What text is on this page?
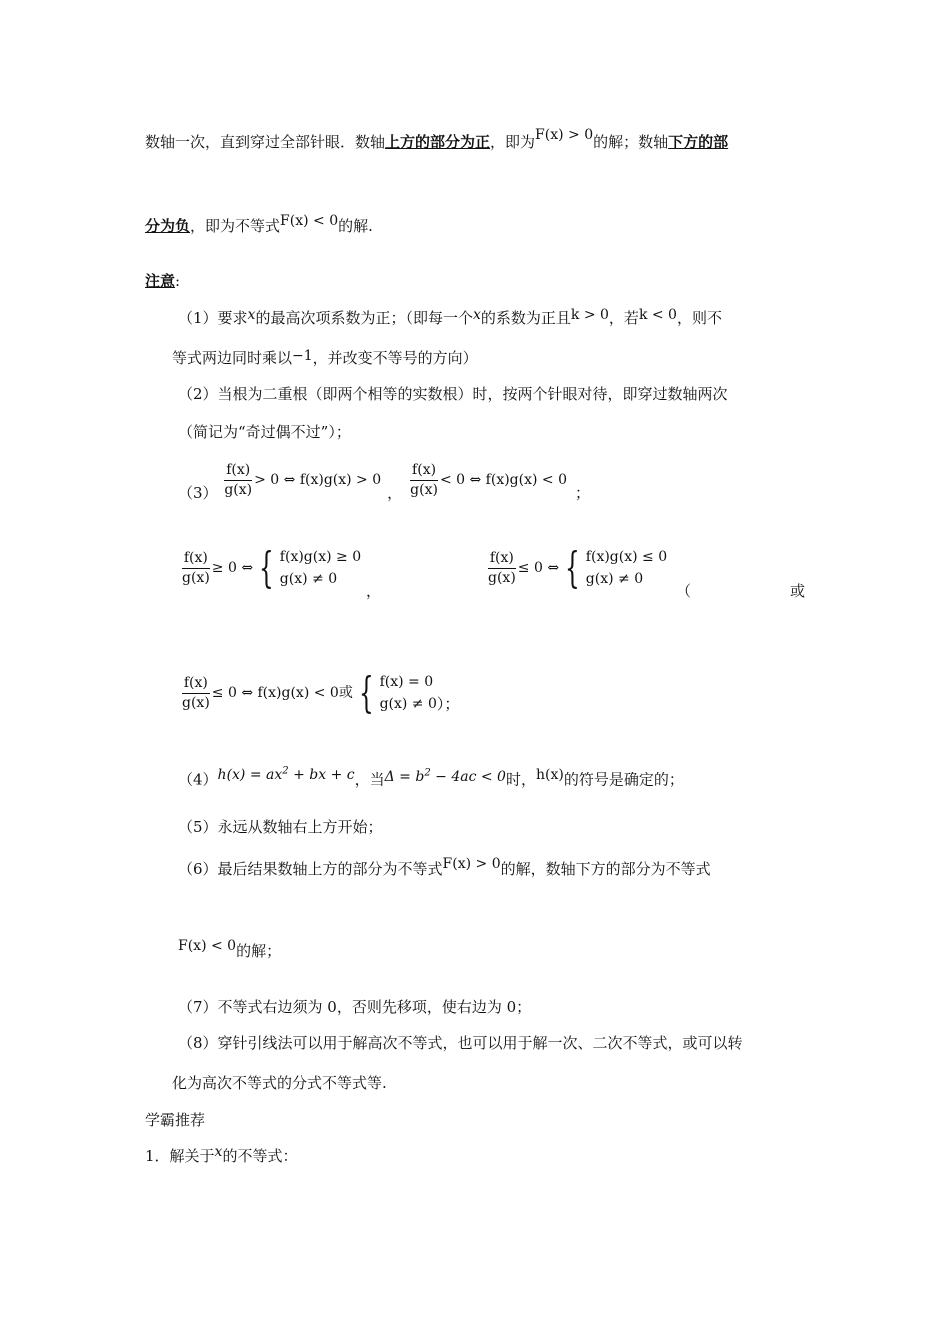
数轴一次，直到穿过全部针眼．数轴上方的部分为正，即为F(x) > 0的解；数轴下方的部
分为负，即为不等式F(x) < 0的解.
注意:
（1）要求x的最高次项系数为正；（即每一个x的系数为正且k > 0，若k < 0，则不
等式两边同时乘以−1，并改变不等号的方向）
（2）当根为二重根（即两个相等的实数根）时，按两个针眼对待，即穿过数轴两次
（简记为“奇过偶不过”）；
$(3) \frac{f(x)}{g(x)} > 0$ ⇔ f(x)g(x) > 0， $\frac{f(x)}{g(x)} < 0$ ⇔ f(x)g(x) < 0；
$\frac{f(x)}{g(x)} \ge 0$ ⇔ { f(x)g(x) ≥ 0
g(x) ≠ 0
，
$\frac{f(x)}{g(x)} \le 0$ ⇔ { f(x)g(x) ≤ 0
g(x) ≠ 0
（	或
$\frac{f(x)}{g(x)} \le 0$ ⇔ f(x)g(x) < 0或 { f(x) = 0
g(x) ≠ 0 ）；
$(4)h(x) = ax^2$ + bx + c，当$\Delta = b^2 - 4ac < 0$时，h(x)的符号是确定的；
（5）永远从数轴右上方开始；
（6）最后结果数轴上方的部分为不等式F(x) > 0的解，数轴下方的部分为不等式
F(x) < 0的解；
（7）不等式右边须为 0，否则先移项，使右边为 0；
（8）穿针引线法可以用于解高次不等式，也可以用于解一次、二次不等式，或可以转
化为高次不等式的分式不等式等.
学霸推荐
1．解关于x的不等式：
